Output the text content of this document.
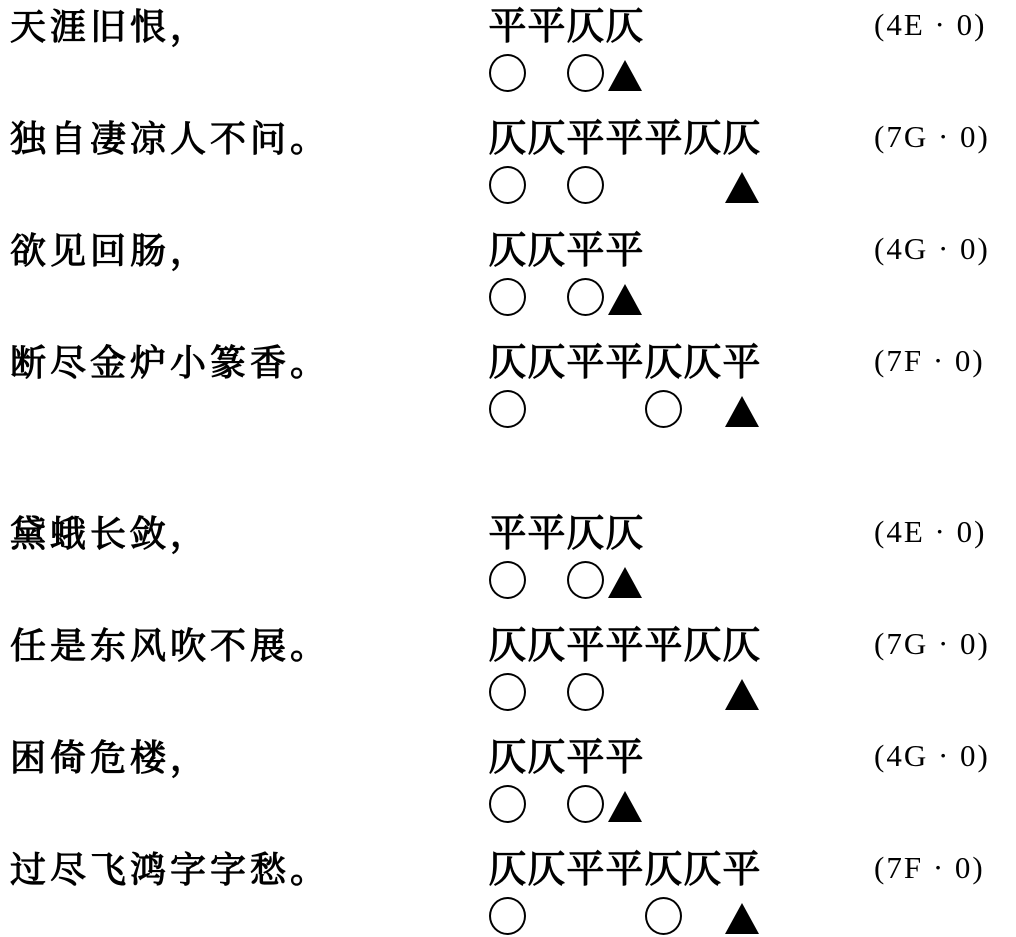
天涯旧恨，	平 平 仄 仄	(4E · 0)
独自凄凉人不问。	仄 仄 平 平 平 仄 仄	(7G · 0)
欲见回肠，	仄 仄 平 平	(4G · 0)
断尽金炉小篆香。	仄 仄 平 平 仄 仄 平	(7F · 0)
黛蛾长敛，	平 平 仄 仄	(4E · 0)
任是东风吹不展。	仄 仄 平 平 平 仄 仄	(7G · 0)
困倚危楼，	仄 仄 平 平	(4G · 0)
过尽飞鸿字字愁。	仄 仄 平 平 仄 仄 平	(7F · 0)
